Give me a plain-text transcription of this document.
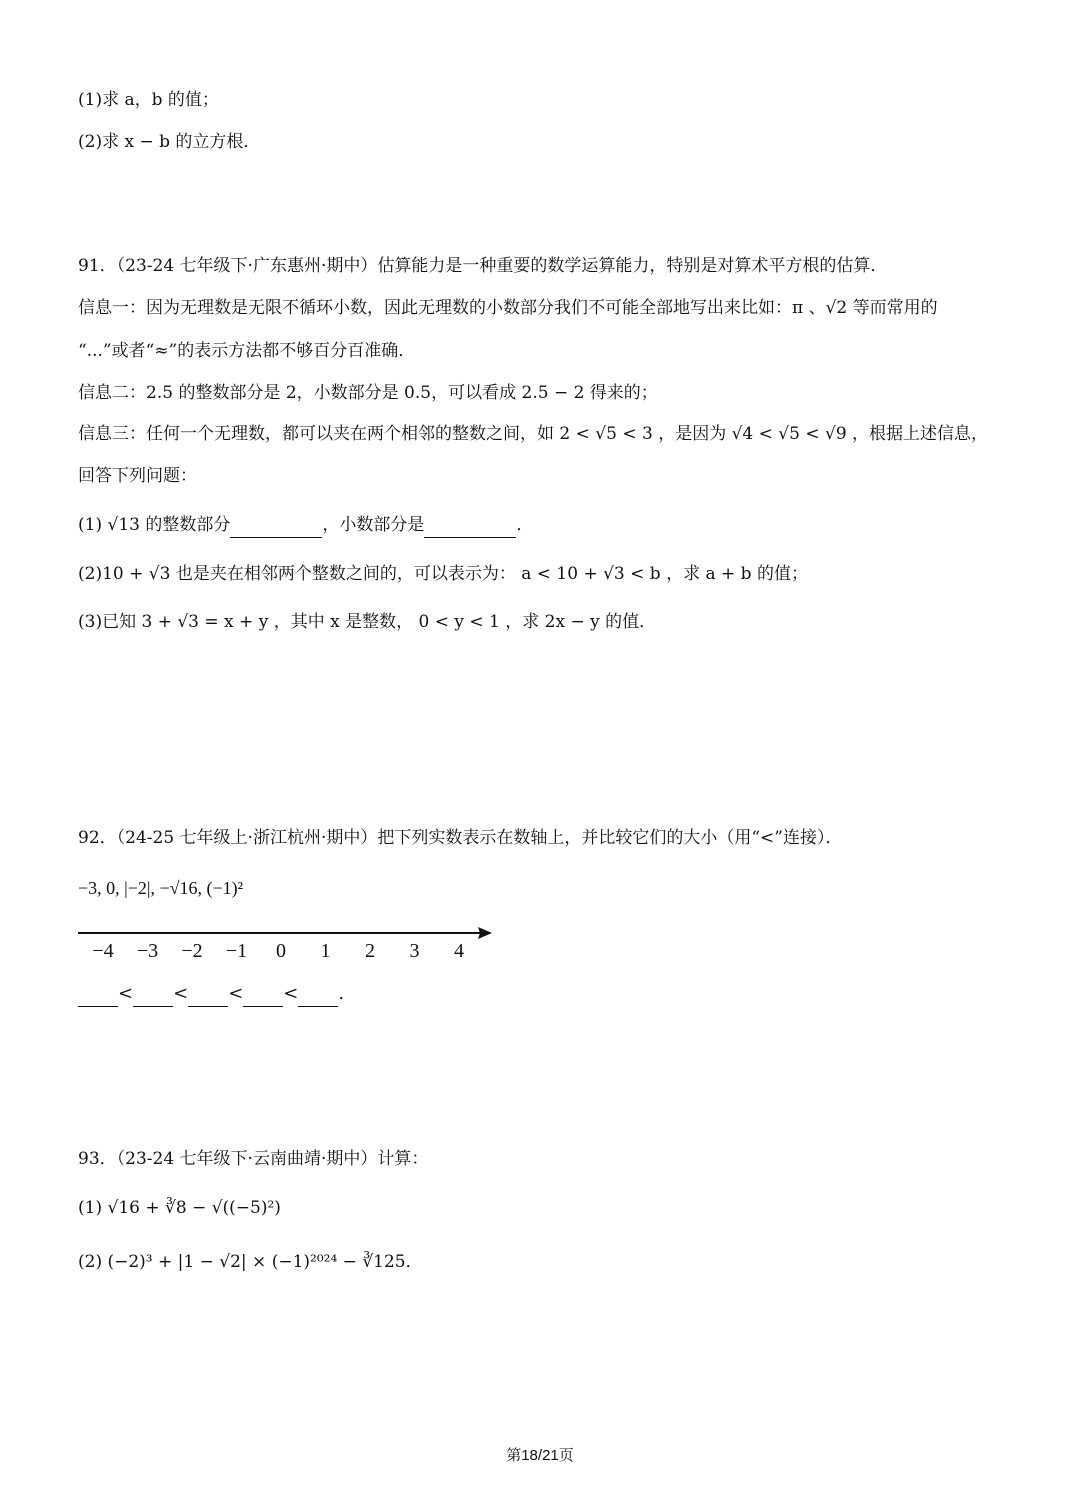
(1)求 a，b 的值；
(2)求 x − b 的立方根．
91．（23-24 七年级下·广东惠州·期中）估算能力是一种重要的数学运算能力，特别是对算术平方根的估算．
信息一：因为无理数是无限不循环小数，因此无理数的小数部分我们不可能全部地写出来比如：π 、√2 等而常用的
“...”或者“≈”的表示方法都不够百分百准确．
信息二：2.5 的整数部分是 2，小数部分是 0.5，可以看成 2.5 − 2 得来的；
信息三：任何一个无理数，都可以夹在两个相邻的整数之间，如 2 < √5 < 3 ，是因为 √4 < √5 < √9 ，根据上述信息，
回答下列问题：
(1) √13 的整数部分	，小数部分是	．
(2)10 + √3 也是夹在相邻两个整数之间的，可以表示为： a < 10 + √3 < b ，求 a + b 的值；
(3)已知 3 + √3 = x + y ，其中 x 是整数， 0 < y < 1 ，求 2x − y 的值．
92．（24-25 七年级上·浙江杭州·期中）把下列实数表示在数轴上，并比较它们的大小（用“<”连接）．
−3, 0, |−2|, −√16, (−1)²
−4 −3 −2 −1 0 1 2 3 4
< < < < .
93．（23-24 七年级下·云南曲靖·期中）计算：
(1) √16 + ∛8 − √((−5)²)
(2) (−2)³ + |1 − √2| × (−1)²⁰²⁴ − ∛125．
第18/21页
